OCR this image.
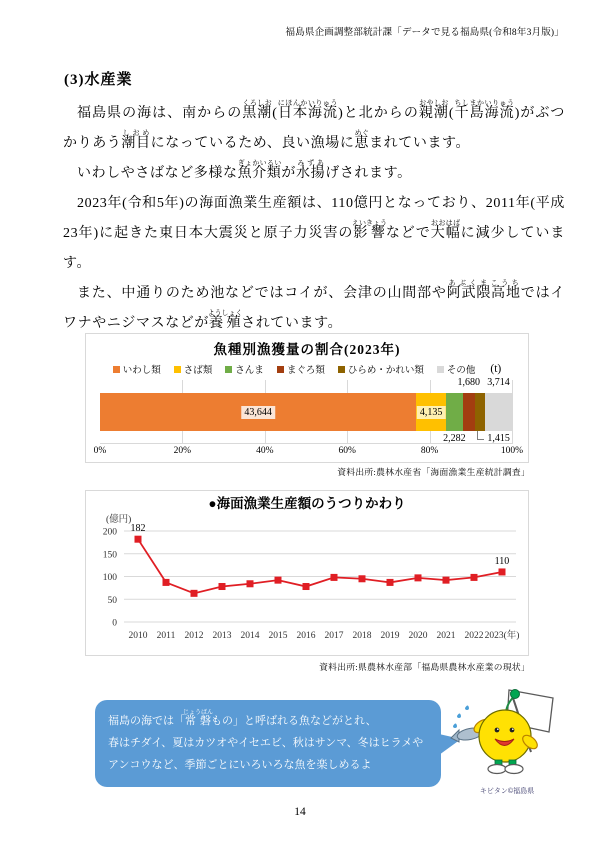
福島県企画調整部統計課「データで見る福島県(令和8年3月版)」
(3)水産業

福島県の海は、南からの黒潮くろしお(日本海流にほんかいりゅう)と北からの親潮おやしお(千島海流ちしまかいりゅう)がぶつかりあう潮目しおめになっているため、良い漁場に恵めぐまれています。

いわしやさばなど多様な魚介類ぎょかいるいが水揚みずあげされます。

2023年(令和5年)の海面漁業生産額は、110億円となっており、2011年(平成23年)に起きた東日本大震災と原子力災害の影響えいきょうなどで大幅おおはばに減少しています。

また、中通りのため池などではコイが、会津の山間部や阿武隈高地あぶくまこうちではイワナやニジマスなどが養殖ようしょくされています。

魚種別漁獲量の割合(2023年)
いわし類 さば類 さんま まぐろ類 ひらめ・かれい類 その他 (t)
43,644	4,135
2,282
1,680
1,415
3,714
0%	20%	40%	60%	80%	100%
資料出所:農林水産省「海面漁業生産統計調査」
0
50
100
150
200
●海面漁業生産額のうつりかわり
(億円)
182
110
2010 2011 2012 2013 2014 2015 2016 2017 2018 2019 2020 2021 2022 2023(年)
資料出所:県農林水産部「福島県農林水産業の現状」
福島の海では「常磐じょうばんもの」と呼ばれる魚などがとれ、
春はチダイ、夏はカツオやイセエビ、秋はサンマ、冬はヒラメや
アンコウなど、季節ごとにいろいろな魚を楽しめるよ
キビタン©福島県
14
